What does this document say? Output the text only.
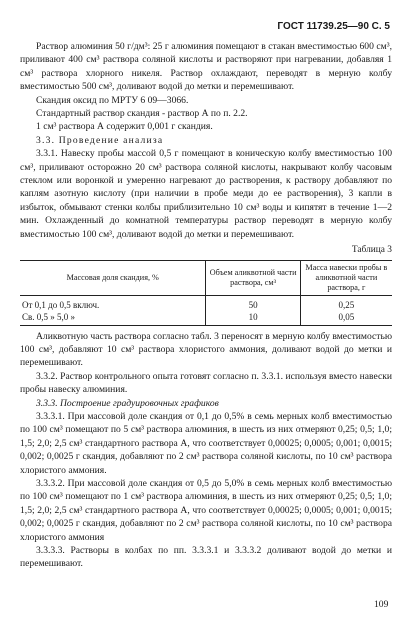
ГОСТ 11739.25—90 С. 5

Раствор алюминия 50 г/дм³: 25 г алюминия помещают в стакан вместимостью 600 см³, приливают 400 см³ раствора соляной кислоты и растворяют при нагревании, добавляя 1 см³ раствора хлорного никеля. Раствор охлаждают, переводят в мерную колбу вместимостью 500 см³, доливают водой до метки и перемешивают.

Скандия оксид по МРТУ 6 09—3066.

Стандартный раствор скандия - раствор А по п. 2.2.

1 см³ раствора А содержит 0,001 г скандия.

3.3. Проведение анализа

3.3.1. Навеску пробы массой 0,5 г помещают в коническую колбу вместимостью 100 см³, приливают осторожно 20 см³ раствора соляной кислоты, накрывают колбу часовым стеклом или воронкой и умеренно нагревают до растворения, к раствору добавляют по каплям азотную кислоту (при наличии в пробе меди до ее растворения), 3 капли в избыток, обмывают стенки колбы приблизительно 10 см³ воды и кипятят в течение 1—2 мин. Охлажденный до комнатной температуры раствор переводят в мерную колбу вместимостью 100 см³, доливают водой до метки и перемешивают.

Таблица 3
Массовая доля скандия, %	Объем аликвотной части раствора, см³	Масса навески пробы в аликвотной части раствора, г
От 0,1 до 0,5 включ.	50	0,25
Св. 0,5 » 5,0 »	10	0,05

Аликвотную часть раствора согласно табл. 3 переносят в мерную колбу вместимостью 100 см³, добавляют 10 см³ раствора хлористого аммония, доливают водой до метки и перемешивают.

3.3.2. Раствор контрольного опыта готовят согласно п. 3.3.1. используя вместо навески пробы навеску алюминия.

3.3.3. Построение градуировочных графиков

3.3.3.1. При массовой доле скандия от 0,1 до 0,5% в семь мерных колб вместимостью по 100 см³ помещают по 5 см³ раствора алюминия, в шесть из них отмеряют 0,25; 0,5; 1,0; 1,5; 2,0; 2,5 см³ стандартного раствора А, что соответствует 0,00025; 0,0005; 0,001; 0,0015; 0,002; 0,0025 г скандия, добавляют по 2 см³ раствора соляной кислоты, по 10 см³ раствора хлористого аммония.

3.3.3.2. При массовой доле скандия от 0,5 до 5,0% в семь мерных колб вместимостью по 100 см³ помещают по 1 см³ раствора алюминия, в шесть из них отмеряют 0,25; 0,5; 1,0; 1,5; 2,0; 2,5 см³ стандартного раствора А, что соответствует 0,00025; 0,0005; 0,001; 0,0015; 0,002; 0,0025 г скандия, добавляют по 2 см³ раствора соляной кислоты, по 10 см³ раствора хлористого аммония

3.3.3.3. Растворы в колбах по пп. 3.3.3.1 и 3.3.3.2 доливают водой до метки и перемешивают.

109
